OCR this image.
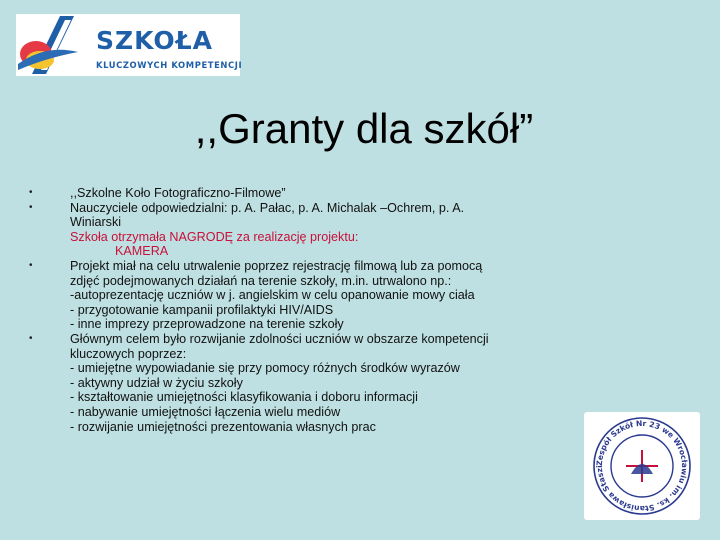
SZKOŁA
KLUCZOWYCH KOMPETENCJI
,,Granty dla szkół”
•	,,Szkolne Koło Fotograficzno-Filmowe”
•	Nauczyciele odpowiedzialni: p. A. Pałac, p. A. Michalak –Ochrem, p. A.
Winiarski
Szkoła otrzymała NAGRODĘ za realizację projektu:
KAMERA
•	Projekt miał na celu utrwalenie poprzez rejestrację filmową lub za pomocą
zdjęć podejmowanych działań na terenie szkoły, m.in. utrwalono np.:
-autoprezentację uczniów w j. angielskim w celu opanowanie mowy ciała
- przygotowanie kampanii profilaktyki HIV/AIDS
- inne imprezy przeprowadzone na terenie szkoły
•	Głównym celem było rozwijanie zdolności uczniów w obszarze kompetencji
kluczowych poprzez:
- umiejętne wypowiadanie się przy pomocy różnych środków wyrazów
- aktywny udział w życiu szkoły
- kształtowanie umiejętności klasyfikowania i doboru informacji
- nabywanie umiejętności łączenia wielu mediów
- rozwijanie umiejętności prezentowania własnych prac
Zespół Szkół Nr 23 we Wrocławiu im. ks. Stanisława Staszi
